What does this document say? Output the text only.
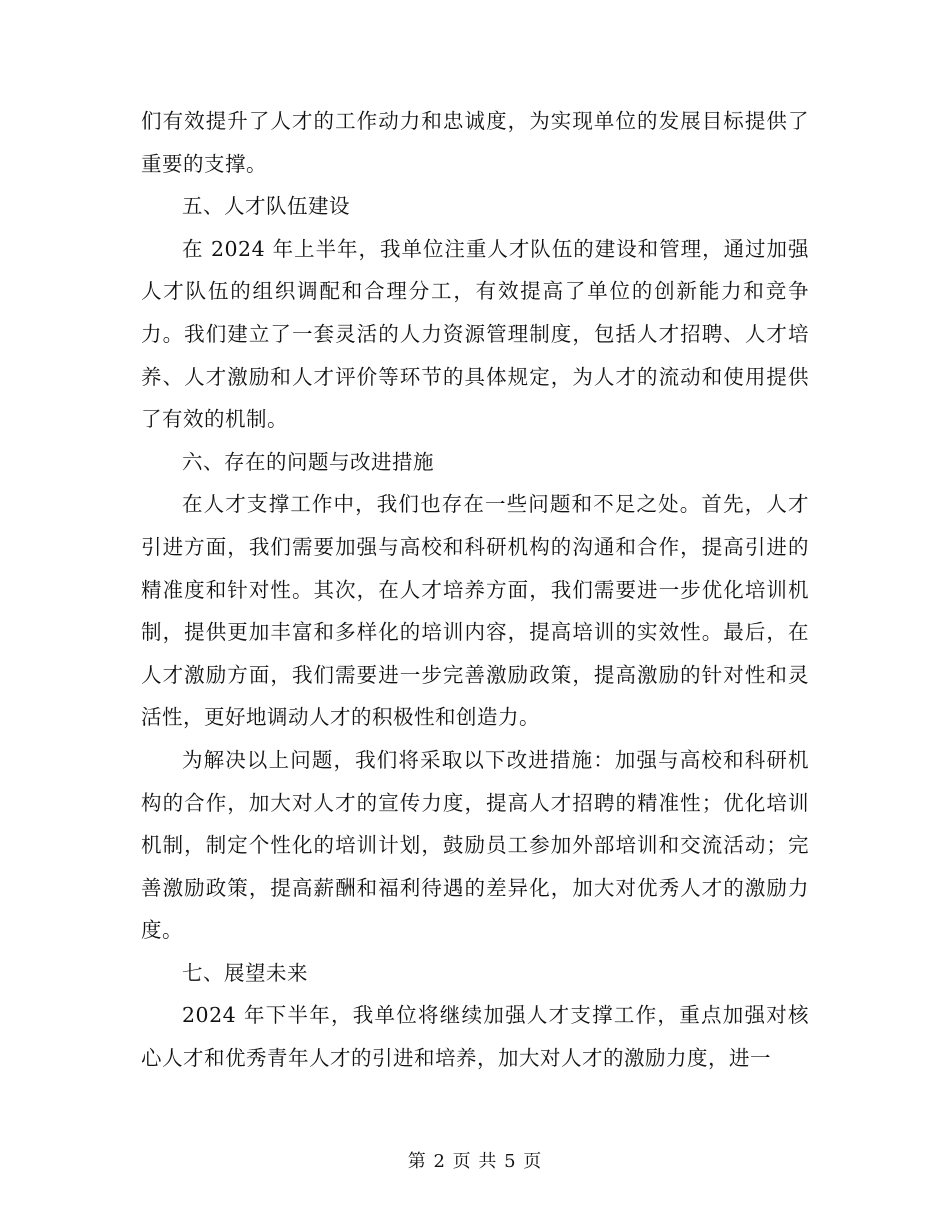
们有效提升了人才的工作动力和忠诚度，为实现单位的发展目标提供了重要的支撑。

五、人才队伍建设

在 2024 年上半年，我单位注重人才队伍的建设和管理，通过加强人才队伍的组织调配和合理分工，有效提高了单位的创新能力和竞争力。我们建立了一套灵活的人力资源管理制度，包括人才招聘、人才培养、人才激励和人才评价等环节的具体规定，为人才的流动和使用提供了有效的机制。

六、存在的问题与改进措施

在人才支撑工作中，我们也存在一些问题和不足之处。首先，人才引进方面，我们需要加强与高校和科研机构的沟通和合作，提高引进的精准度和针对性。其次，在人才培养方面，我们需要进一步优化培训机制，提供更加丰富和多样化的培训内容，提高培训的实效性。最后，在人才激励方面，我们需要进一步完善激励政策，提高激励的针对性和灵活性，更好地调动人才的积极性和创造力。

为解决以上问题，我们将采取以下改进措施：加强与高校和科研机构的合作，加大对人才的宣传力度，提高人才招聘的精准性；优化培训机制，制定个性化的培训计划，鼓励员工参加外部培训和交流活动；完善激励政策，提高薪酬和福利待遇的差异化，加大对优秀人才的激励力度。

七、展望未来

2024 年下半年，我单位将继续加强人才支撑工作，重点加强对核心人才和优秀青年人才的引进和培养，加大对人才的激励力度，进一

第 2 页 共 5 页
